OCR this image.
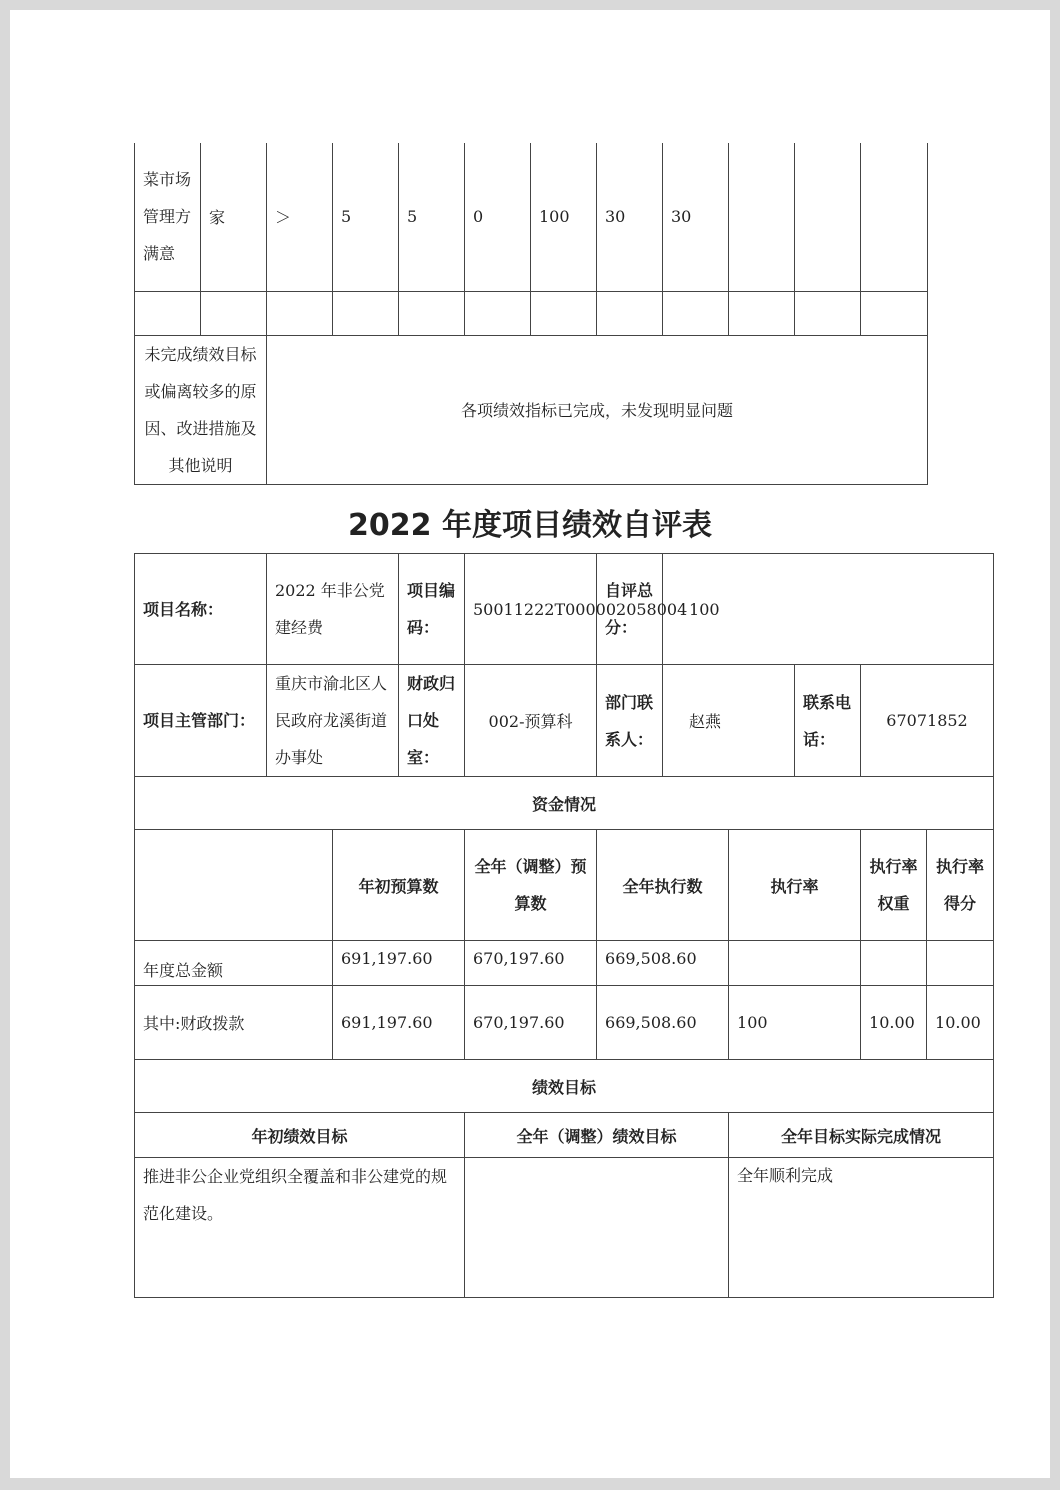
菜市场管理方满意	家	＞	5	5	0	100	30	30			

未完成绩效目标或偏离较多的原因、改进措施及其他说明		各项绩效指标已完成，未发现明显问题									
2022 年度项目绩效自评表
项目名称：	2022 年非公党建经费		项目编码：	50011222T000002058004	自评总分：	100				
项目主管部门：	重庆市渝北区人民政府龙溪街道办事处		财政归口处室：	002-预算科	部门联系人：	赵燕		联系电话：	67071852	
资金情况										
		年初预算数		全年（调整）预算数	全年执行数		执行率		执行率权重	执行率得分
年度总金额		691,197.60		670,197.60	669,508.60					
其中:财政拨款		691,197.60		670,197.60	669,508.60		100		10.00	10.00
绩效目标										
年初绩效目标				全年（调整）绩效目标			全年目标实际完成情况			
推进非公企业党组织全覆盖和非公建党的规范化建设。							全年顺利完成			
